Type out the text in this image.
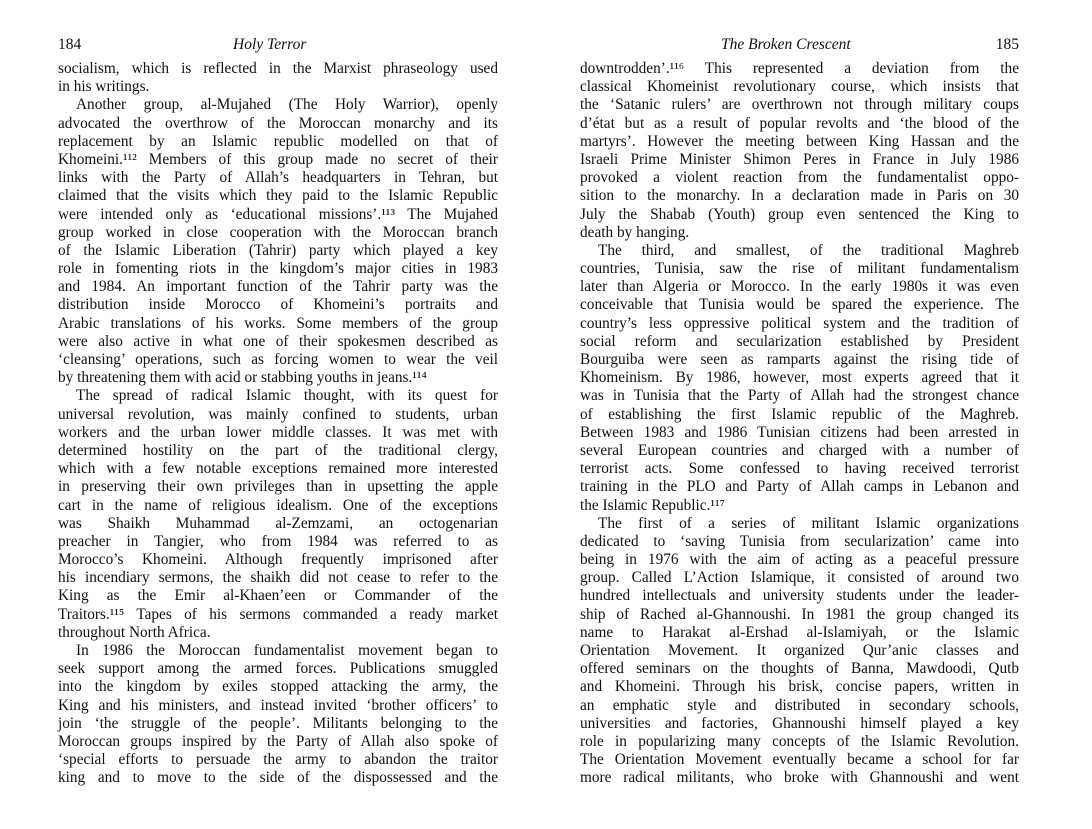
184	Holy Terror
socialism, which is reflected in the Marxist phraseology used
in his writings.
Another group, al-Mujahed (The Holy Warrior), openly
advocated the overthrow of the Moroccan monarchy and its
replacement by an Islamic republic modelled on that of
Khomeini.¹¹² Members of this group made no secret of their
links with the Party of Allah’s headquarters in Tehran, but
claimed that the visits which they paid to the Islamic Republic
were intended only as ‘educational missions’.¹¹³ The Mujahed
group worked in close cooperation with the Moroccan branch
of the Islamic Liberation (Tahrir) party which played a key
role in fomenting riots in the kingdom’s major cities in 1983
and 1984. An important function of the Tahrir party was the
distribution inside Morocco of Khomeini’s portraits and
Arabic translations of his works. Some members of the group
were also active in what one of their spokesmen described as
‘cleansing’ operations, such as forcing women to wear the veil
by threatening them with acid or stabbing youths in jeans.¹¹⁴
The spread of radical Islamic thought, with its quest for
universal revolution, was mainly confined to students, urban
workers and the urban lower middle classes. It was met with
determined hostility on the part of the traditional clergy,
which with a few notable exceptions remained more interested
in preserving their own privileges than in upsetting the apple
cart in the name of religious idealism. One of the exceptions
was Shaikh Muhammad al-Zemzami, an octogenarian
preacher in Tangier, who from 1984 was referred to as
Morocco’s Khomeini. Although frequently imprisoned after
his incendiary sermons, the shaikh did not cease to refer to the
King as the Emir al-Khaen’een or Commander of the
Traitors.¹¹⁵ Tapes of his sermons commanded a ready market
throughout North Africa.
In 1986 the Moroccan fundamentalist movement began to
seek support among the armed forces. Publications smuggled
into the kingdom by exiles stopped attacking the army, the
King and his ministers, and instead invited ‘brother officers’ to
join ‘the struggle of the people’. Militants belonging to the
Moroccan groups inspired by the Party of Allah also spoke of
‘special efforts to persuade the army to abandon the traitor
king and to move to the side of the dispossessed and the
The Broken Crescent	185
downtrodden’.¹¹⁶ This represented a deviation from the
classical Khomeinist revolutionary course, which insists that
the ‘Satanic rulers’ are overthrown not through military coups
d’état but as a result of popular revolts and ‘the blood of the
martyrs’. However the meeting between King Hassan and the
Israeli Prime Minister Shimon Peres in France in July 1986
provoked a violent reaction from the fundamentalist oppo-
sition to the monarchy. In a declaration made in Paris on 30
July the Shabab (Youth) group even sentenced the King to
death by hanging.
The third, and smallest, of the traditional Maghreb
countries, Tunisia, saw the rise of militant fundamentalism
later than Algeria or Morocco. In the early 1980s it was even
conceivable that Tunisia would be spared the experience. The
country’s less oppressive political system and the tradition of
social reform and secularization established by President
Bourguiba were seen as ramparts against the rising tide of
Khomeinism. By 1986, however, most experts agreed that it
was in Tunisia that the Party of Allah had the strongest chance
of establishing the first Islamic republic of the Maghreb.
Between 1983 and 1986 Tunisian citizens had been arrested in
several European countries and charged with a number of
terrorist acts. Some confessed to having received terrorist
training in the PLO and Party of Allah camps in Lebanon and
the Islamic Republic.¹¹⁷
The first of a series of militant Islamic organizations
dedicated to ‘saving Tunisia from secularization’ came into
being in 1976 with the aim of acting as a peaceful pressure
group. Called L’Action Islamique, it consisted of around two
hundred intellectuals and university students under the leader-
ship of Rached al-Ghannoushi. In 1981 the group changed its
name to Harakat al-Ershad al-Islamiyah, or the Islamic
Orientation Movement. It organized Qur’anic classes and
offered seminars on the thoughts of Banna, Mawdoodi, Qutb
and Khomeini. Through his brisk, concise papers, written in
an emphatic style and distributed in secondary schools,
universities and factories, Ghannoushi himself played a key
role in popularizing many concepts of the Islamic Revolution.
The Orientation Movement eventually became a school for far
more radical militants, who broke with Ghannoushi and went
